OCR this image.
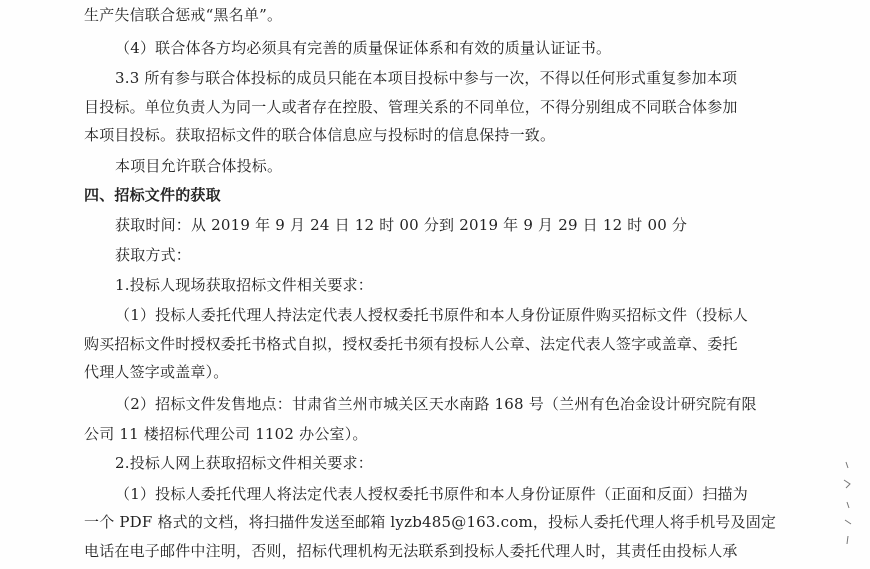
生产失信联合惩戒“黑名单”。
（4）联合体各方均必须具有完善的质量保证体系和有效的质量认证证书。
3.3 所有参与联合体投标的成员只能在本项目投标中参与一次，不得以任何形式重复参加本项
目投标。单位负责人为同一人或者存在控股、管理关系的不同单位，不得分别组成不同联合体参加
本项目投标。获取招标文件的联合体信息应与投标时的信息保持一致。
本项目允许联合体投标。
四、招标文件的获取
获取时间：从 2019 年 9 月 24 日 12 时 00 分到 2019 年 9 月 29 日 12 时 00 分
获取方式：
1.投标人现场获取招标文件相关要求：
（1）投标人委托代理人持法定代表人授权委托书原件和本人身份证原件购买招标文件（投标人
购买招标文件时授权委托书格式自拟，授权委托书须有投标人公章、法定代表人签字或盖章、委托
代理人签字或盖章）。
（2）招标文件发售地点：甘肃省兰州市城关区天水南路 168 号（兰州有色冶金设计研究院有限
公司 11 楼招标代理公司 1102 办公室）。
2.投标人网上获取招标文件相关要求：
（1）投标人委托代理人将法定代表人授权委托书原件和本人身份证原件（正面和反面）扫描为
一个 PDF 格式的文档，将扫描件发送至邮箱 lyzb485@163.com，投标人委托代理人将手机号及固定
电话在电子邮件中注明，否则，招标代理机构无法联系到投标人委托代理人时，其责任由投标人承
